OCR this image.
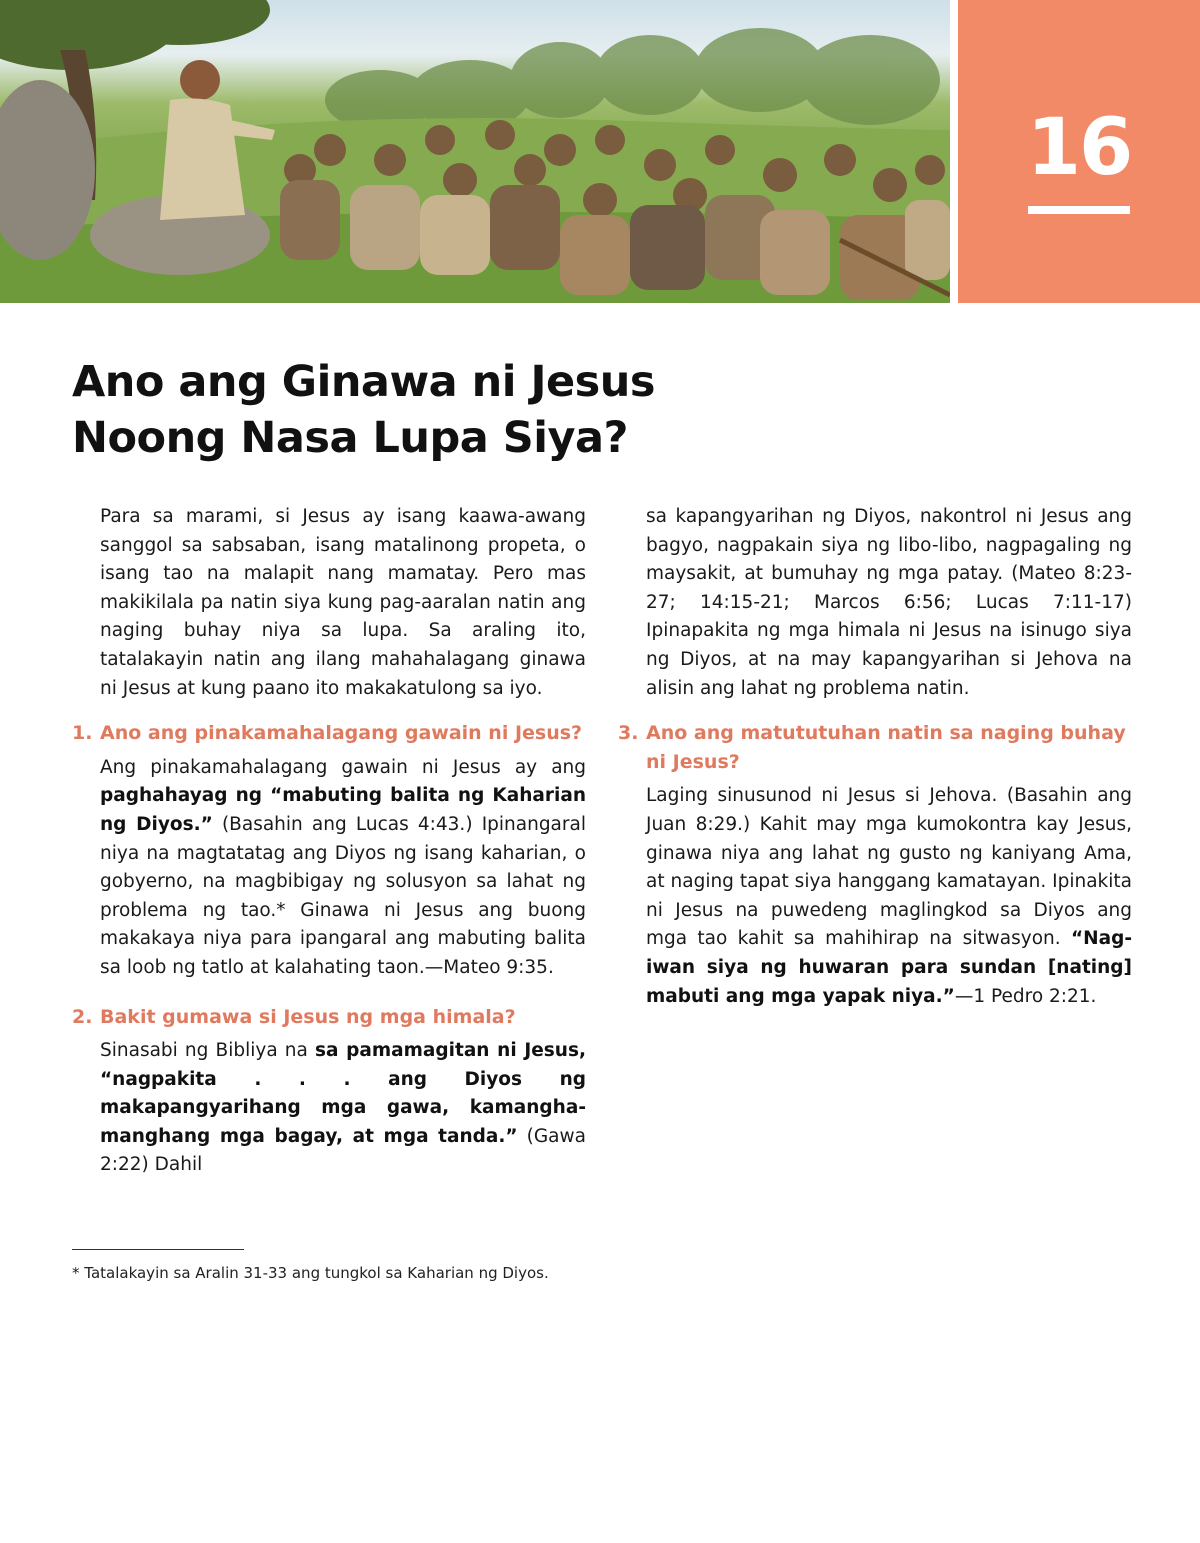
16
Ano ang Ginawa ni Jesus
Noong Nasa Lupa Siya?

Para sa marami, si Jesus ay isang kaawa-awang sanggol sa sabsaban, isang matalinong propeta, o isang tao na malapit nang mamatay. Pero mas makikilala pa natin siya kung pag-aaralan natin ang naging buhay niya sa lupa. Sa araling ito, tatalakayin natin ang ilang mahahalagang ginawa ni Jesus at kung paano ito makakatulong sa iyo.

1. Ano ang pinakamahalagang gawain ni Jesus?

Ang pinakamahalagang gawain ni Jesus ay ang paghahayag ng “mabuting balita ng Kaharian ng Diyos.” (Basahin ang Lucas 4:43.) Ipinangaral niya na magtatatag ang Diyos ng isang kaharian, o gobyerno, na magbibigay ng solusyon sa lahat ng problema ng tao.* Ginawa ni Jesus ang buong makakaya niya para ipangaral ang mabuting balita sa loob ng tatlo at kalahating taon.—Mateo 9:35.

2. Bakit gumawa si Jesus ng mga himala?

Sinasabi ng Bibliya na sa pamamagitan ni Jesus, “nagpakita . . . ang Diyos ng makapangyarihang mga gawa, kamangha-manghang mga bagay, at mga tanda.” (Gawa 2:22) Dahil

* Tatalakayin sa Aralin 31-33 ang tungkol sa Kaharian ng Diyos.

sa kapangyarihan ng Diyos, nakontrol ni Jesus ang bagyo, nagpakain siya ng libo-libo, nagpagaling ng maysakit, at bumuhay ng mga patay. (Mateo 8:23-27; 14:15-21; Marcos 6:56; Lucas 7:11-17) Ipinapakita ng mga himala ni Jesus na isinugo siya ng Diyos, at na may kapangyarihan si Jehova na alisin ang lahat ng problema natin.

3. Ano ang matututuhan natin sa naging buhay ni Jesus?

Laging sinusunod ni Jesus si Jehova. (Basahin ang Juan 8:29.) Kahit may mga kumokontra kay Jesus, ginawa niya ang lahat ng gusto ng kaniyang Ama, at naging tapat siya hanggang kamatayan. Ipinakita ni Jesus na puwedeng maglingkod sa Diyos ang mga tao kahit sa mahihirap na sitwasyon. “Nag-iwan siya ng huwaran para sundan [nating] mabuti ang mga yapak niya.”—1 Pedro 2:21.
